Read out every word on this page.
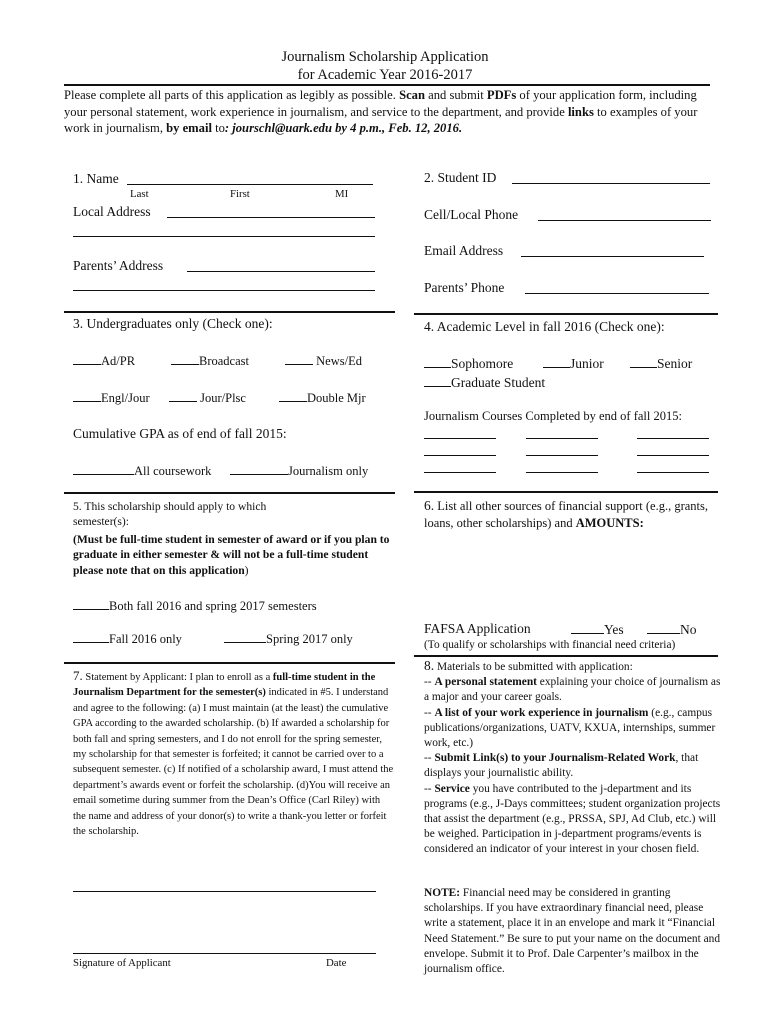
Journalism Scholarship Application
for Academic Year 2016-2017
Please complete all parts of this application as legibly as possible. Scan and submit PDFs of your application form, including your personal statement, work experience in journalism, and service to the department, and provide links to examples of your work in journalism, by email to: jourschl@uark.edu by 4 p.m., Feb. 12, 2016.
1. Name
Last	First	MI
Local Address
Parents’ Address
3. Undergraduates only (Check one):
Ad/PR	Broadcast	News/Ed
Engl/Jour	Jour/Plsc	Double Mjr
Cumulative GPA as of end of fall 2015:
All coursework	Journalism only
5. This scholarship should apply to which
semester(s):
(Must be full-time student in semester of award or if you plan to graduate in either semester & will not be a full-time student please note that on this application)
Both fall 2016 and spring 2017 semesters
Fall 2016 only	Spring 2017 only
7. Statement by Applicant: I plan to enroll as a full-time student in the Journalism Department for the semester(s) indicated in #5. I understand and agree to the following: (a) I must maintain (at the least) the cumulative GPA according to the awarded scholarship. (b) If awarded a scholarship for both fall and spring semesters, and I do not enroll for the spring semester, my scholarship for that semester is forfeited; it cannot be carried over to a subsequent semester. (c) If notified of a scholarship award, I must attend the department’s awards event or forfeit the scholarship. (d)You will receive an email sometime during summer from the Dean’s Office (Carl Riley) with the name and address of your donor(s) to write a thank-you letter or forfeit the scholarship.
Signature of Applicant	Date
2. Student ID
Cell/Local Phone
Email Address
Parents’ Phone
4. Academic Level in fall 2016 (Check one):
Sophomore	Junior	Senior
Graduate Student
Journalism Courses Completed by end of fall 2015:
6. List all other sources of financial support (e.g., grants, loans, other scholarships) and AMOUNTS:
FAFSA Application	Yes	No
(To qualify or scholarships with financial need criteria)
8. Materials to be submitted with application:
-- A personal statement explaining your choice of journalism as a major and your career goals.
-- A list of your work experience in journalism (e.g., campus publications/organizations, UATV, KXUA, internships, summer work, etc.)
-- Submit Link(s) to your Journalism-Related Work, that displays your journalistic ability.
-- Service you have contributed to the j-department and its programs (e.g., J-Days committees; student organization projects that assist the department (e.g., PRSSA, SPJ, Ad Club, etc.) will be weighed. Participation in j-department programs/events is considered an indicator of your interest in your chosen field.
NOTE: Financial need may be considered in granting scholarships. If you have extraordinary financial need, please write a statement, place it in an envelope and mark it “Financial Need Statement.” Be sure to put your name on the document and envelope. Submit it to Prof. Dale Carpenter’s mailbox in the journalism office.
